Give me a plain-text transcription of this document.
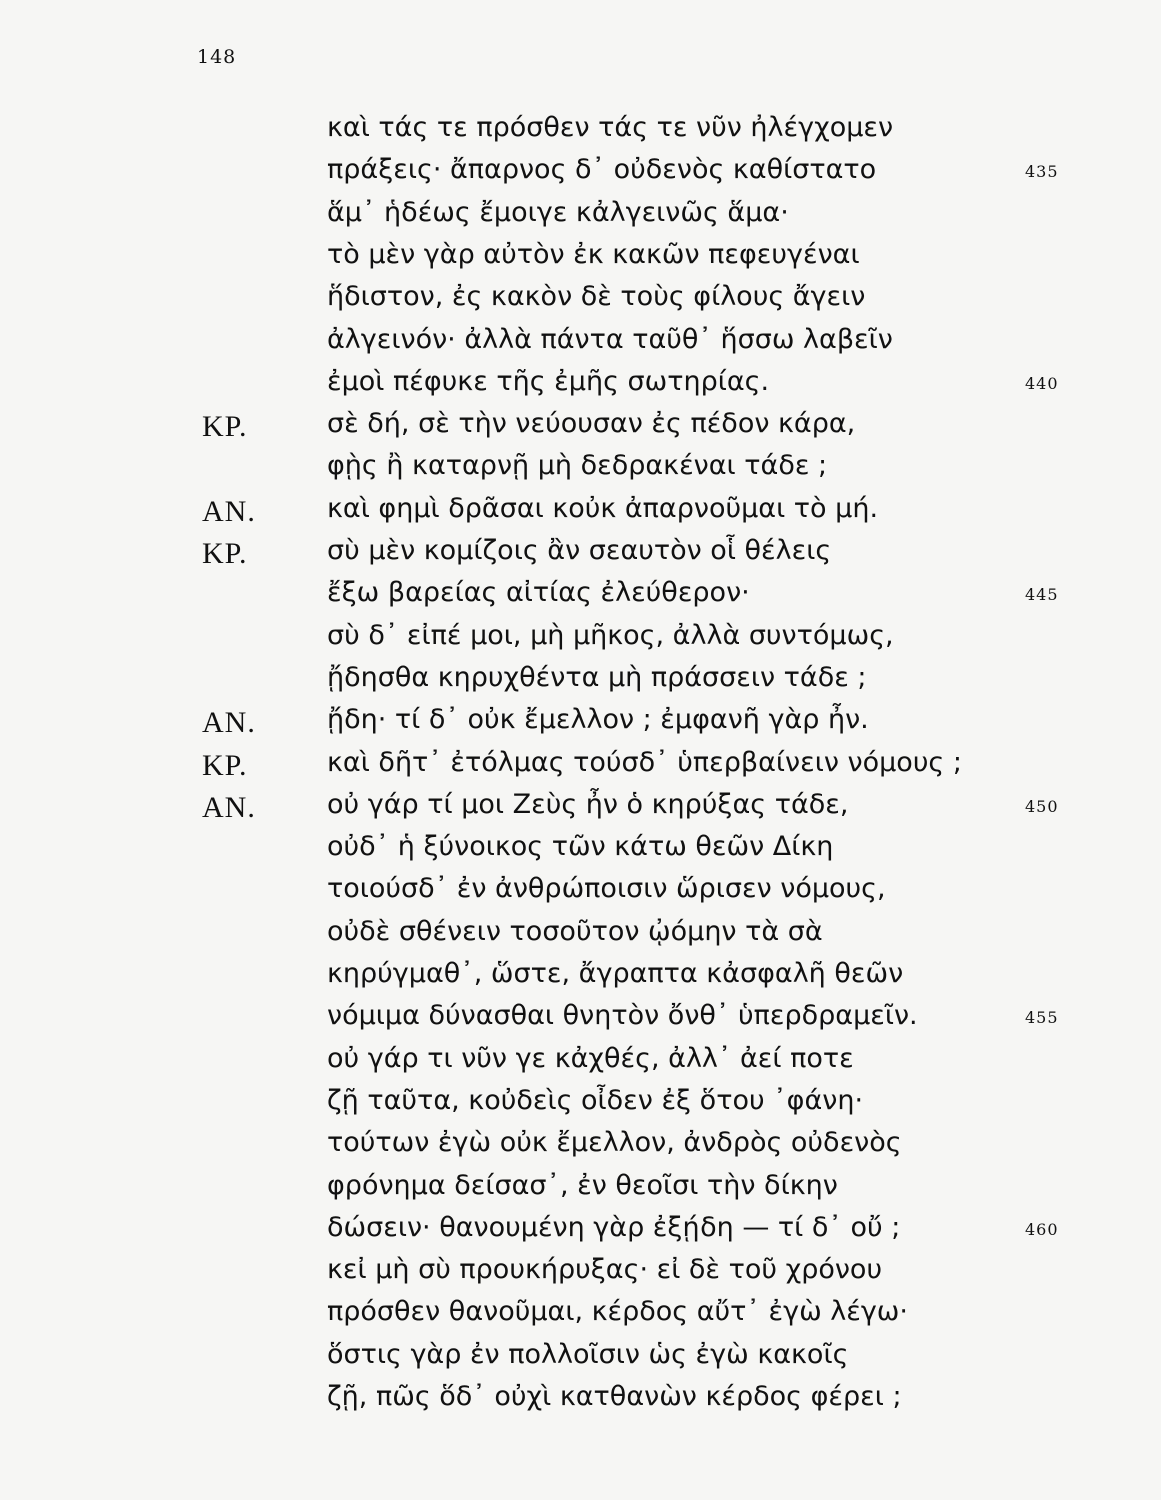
148
καὶ τάς τε πρόσθεν τάς τε νῦν ἠλέγχομεν
πράξεις· ἄπαρνος δ᾽ οὐδενὸς καθίστατο	435
ἅμ᾽ ἡδέως ἔμοιγε κἀλγεινῶς ἅμα·
τὸ μὲν γὰρ αὐτὸν ἐκ κακῶν πεφευγέναι
ἥδιστον, ἐς κακὸν δὲ τοὺς φίλους ἄγειν
ἀλγεινόν· ἀλλὰ πάντα ταῦθ᾽ ἥσσω λαβεῖν
ἐμοὶ πέφυκε τῆς ἐμῆς σωτηρίας.	440
ΚΡ.	σὲ δή, σὲ τὴν νεύουσαν ἐς πέδον κάρα,
φῂς ἢ καταρνῇ μὴ δεδρακέναι τάδε ;
ΑΝ.	καὶ φημὶ δρᾶσαι κοὐκ ἀπαρνοῦμαι τὸ μή.
ΚΡ.	σὺ μὲν κομίζοις ἂν σεαυτὸν οἷ θέλεις
ἔξω βαρείας αἰτίας ἐλεύθερον·	445
σὺ δ᾽ εἰπέ μοι, μὴ μῆκος, ἀλλὰ συντόμως,
ᾔδησθα κηρυχθέντα μὴ πράσσειν τάδε ;
ΑΝ.	ᾔδη· τί δ᾽ οὐκ ἔμελλον ; ἐμφανῆ γὰρ ἦν.
ΚΡ.	καὶ δῆτ᾽ ἐτόλμας τούσδ᾽ ὑπερβαίνειν νόμους ;
ΑΝ.	οὐ γάρ τί μοι Ζεὺς ἦν ὁ κηρύξας τάδε,	450
οὐδ᾽ ἡ ξύνοικος τῶν κάτω θεῶν Δίκη
τοιούσδ᾽ ἐν ἀνθρώποισιν ὥρισεν νόμους,
οὐδὲ σθένειν τοσοῦτον ᾠόμην τὰ σὰ
κηρύγμαθ᾽, ὥστε, ἄγραπτα κἀσφαλῆ θεῶν
νόμιμα δύνασθαι θνητὸν ὄνθ᾽ ὑπερδραμεῖν.	455
οὐ γάρ τι νῦν γε κἀχθές, ἀλλ᾽ ἀεί ποτε
ζῇ ταῦτα, κοὐδεὶς οἶδεν ἐξ ὅτου ᾽φάνη·
τούτων ἐγὼ οὐκ ἔμελλον, ἀνδρὸς οὐδενὸς
φρόνημα δείσασ᾽, ἐν θεοῖσι τὴν δίκην
δώσειν· θανουμένη γὰρ ἐξῄδη — τί δ᾽ οὔ ;	460
κεἰ μὴ σὺ προυκήρυξας· εἰ δὲ τοῦ χρόνου
πρόσθεν θανοῦμαι, κέρδος αὔτ᾽ ἐγὼ λέγω·
ὅστις γὰρ ἐν πολλοῖσιν ὡς ἐγὼ κακοῖς
ζῇ, πῶς ὅδ᾽ οὐχὶ κατθανὼν κέρδος φέρει ;
